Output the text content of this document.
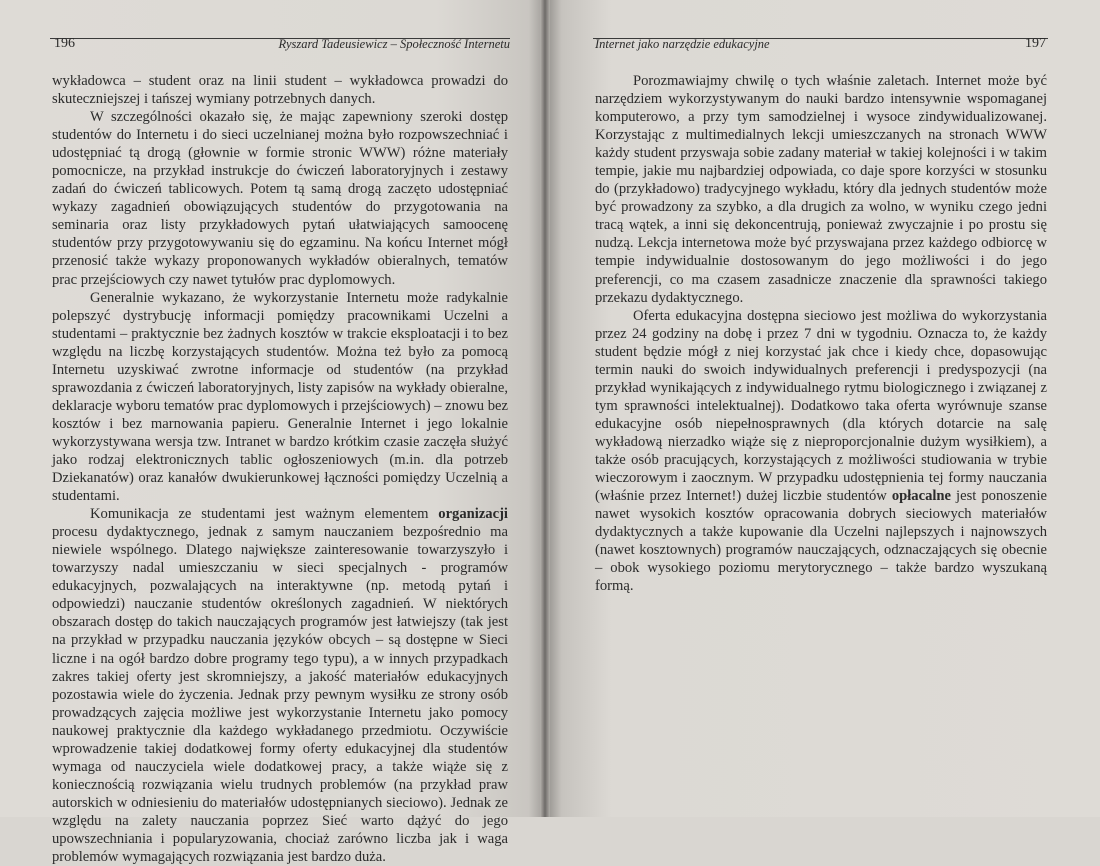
196	Ryszard Tadeusiewicz – Społeczność Internetu

wykładowca – student oraz na linii student – wykładowca prowadzi do skuteczniejszej i tańszej wymiany potrzebnych danych.

W szczególności okazało się, że mając zapewniony szeroki dostęp studentów do Internetu i do sieci uczelnianej można było rozpowszechniać i udostępniać tą drogą (głownie w formie stronic WWW) różne materiały pomocnicze, na przykład instrukcje do ćwiczeń laboratoryjnych i zestawy zadań do ćwiczeń tablicowych. Potem tą samą drogą zaczęto udostępniać wykazy zagadnień obowiązujących studentów do przygotowania na seminaria oraz listy przykładowych pytań ułatwiających samoocenę studentów przy przygotowywaniu się do egzaminu. Na końcu Internet mógł przenosić także wykazy proponowanych wykładów obieralnych, tematów prac przejściowych czy nawet tytułów prac dyplomowych.

Generalnie wykazano, że wykorzystanie Internetu może radykalnie polepszyć dystrybucję informacji pomiędzy pracownikami Uczelni a studentami – praktycznie bez żadnych kosztów w trakcie eksploatacji i to bez względu na liczbę korzystających studentów. Można też było za pomocą Internetu uzyskiwać zwrotne informacje od studentów (na przykład sprawozdania z ćwiczeń laboratoryjnych, listy zapisów na wykłady obieralne, deklaracje wyboru tematów prac dyplomowych i przejściowych) – znowu bez kosztów i bez marnowania papieru. Generalnie Internet i jego lokalnie wykorzystywana wersja tzw. Intranet w bardzo krótkim czasie zaczęła służyć jako rodzaj elektronicznych tablic ogłoszeniowych (m.in. dla potrzeb Dziekanatów) oraz kanałów dwukierunkowej łączności pomiędzy Uczelnią a studentami.

Komunikacja ze studentami jest ważnym elementem organizacji procesu dydaktycznego, jednak z samym nauczaniem bezpośrednio ma niewiele wspólnego. Dlatego największe zainteresowanie towarzyszyło i towarzyszy nadal umieszczaniu w sieci specjalnych - programów edukacyjnych, pozwalających na interaktywne (np. metodą pytań i odpowiedzi) nauczanie studentów określonych zagadnień. W niektórych obszarach dostęp do takich nauczających programów jest łatwiejszy (tak jest na przykład w przypadku nauczania języków obcych – są dostępne w Sieci liczne i na ogół bardzo dobre programy tego typu), a w innych przypadkach zakres takiej oferty jest skromniejszy, a jakość materiałów edukacyjnych pozostawia wiele do życzenia. Jednak przy pewnym wysiłku ze strony osób prowadzących zajęcia możliwe jest wykorzystanie Internetu jako pomocy naukowej praktycznie dla każdego wykładanego przedmiotu. Oczywiście wprowadzenie takiej dodatkowej formy oferty edukacyjnej dla studentów wymaga od nauczyciela wiele dodatkowej pracy, a także wiąże się z koniecznością rozwiązania wielu trudnych problemów (na przykład praw autorskich w odniesieniu do materiałów udostępnianych sieciowo). Jednak ze względu na zalety nauczania poprzez Sieć warto dążyć do jego upowszechniania i popularyzowania, chociaż zarówno liczba jak i waga problemów wymagających rozwiązania jest bardzo duża.

Internet jako narzędzie edukacyjne	197

Porozmawiajmy chwilę o tych właśnie zaletach. Internet może być narzędziem wykorzystywanym do nauki bardzo intensywnie wspomaganej komputerowo, a przy tym samodzielnej i wysoce zindywidualizowanej. Korzystając z multimedialnych lekcji umieszczanych na stronach WWW każdy student przyswaja sobie zadany materiał w takiej kolejności i w takim tempie, jakie mu najbardziej odpowiada, co daje spore korzyści w stosunku do (przykładowo) tradycyjnego wykładu, który dla jednych studentów może być prowadzony za szybko, a dla drugich za wolno, w wyniku czego jedni tracą wątek, a inni się dekoncentrują, ponieważ zwyczajnie i po prostu się nudzą. Lekcja internetowa może być przyswajana przez każdego odbiorcę w tempie indywidualnie dostosowanym do jego możliwości i do jego preferencji, co ma czasem zasadnicze znaczenie dla sprawności takiego przekazu dydaktycznego.

Oferta edukacyjna dostępna sieciowo jest możliwa do wykorzystania przez 24 godziny na dobę i przez 7 dni w tygodniu. Oznacza to, że każdy student będzie mógł z niej korzystać jak chce i kiedy chce, dopasowując termin nauki do swoich indywidualnych preferencji i predyspozycji (na przykład wynikających z indywidualnego rytmu biologicznego i związanej z tym sprawności intelektualnej). Dodatkowo taka oferta wyrównuje szanse edukacyjne osób niepełnosprawnych (dla których dotarcie na salę wykładową nierzadko wiąże się z nieproporcjonalnie dużym wysiłkiem), a także osób pracujących, korzystających z możliwości studiowania w trybie wieczorowym i zaocznym. W przypadku udostępnienia tej formy nauczania (właśnie przez Internet!) dużej liczbie studentów opłacalne jest ponoszenie nawet wysokich kosztów opracowania dobrych sieciowych materiałów dydaktycznych a także kupowanie dla Uczelni najlepszych i najnowszych (nawet kosztownych) programów nauczających, odznaczających się obecnie – obok wysokiego poziomu merytorycznego – także bardzo wyszukaną formą.
